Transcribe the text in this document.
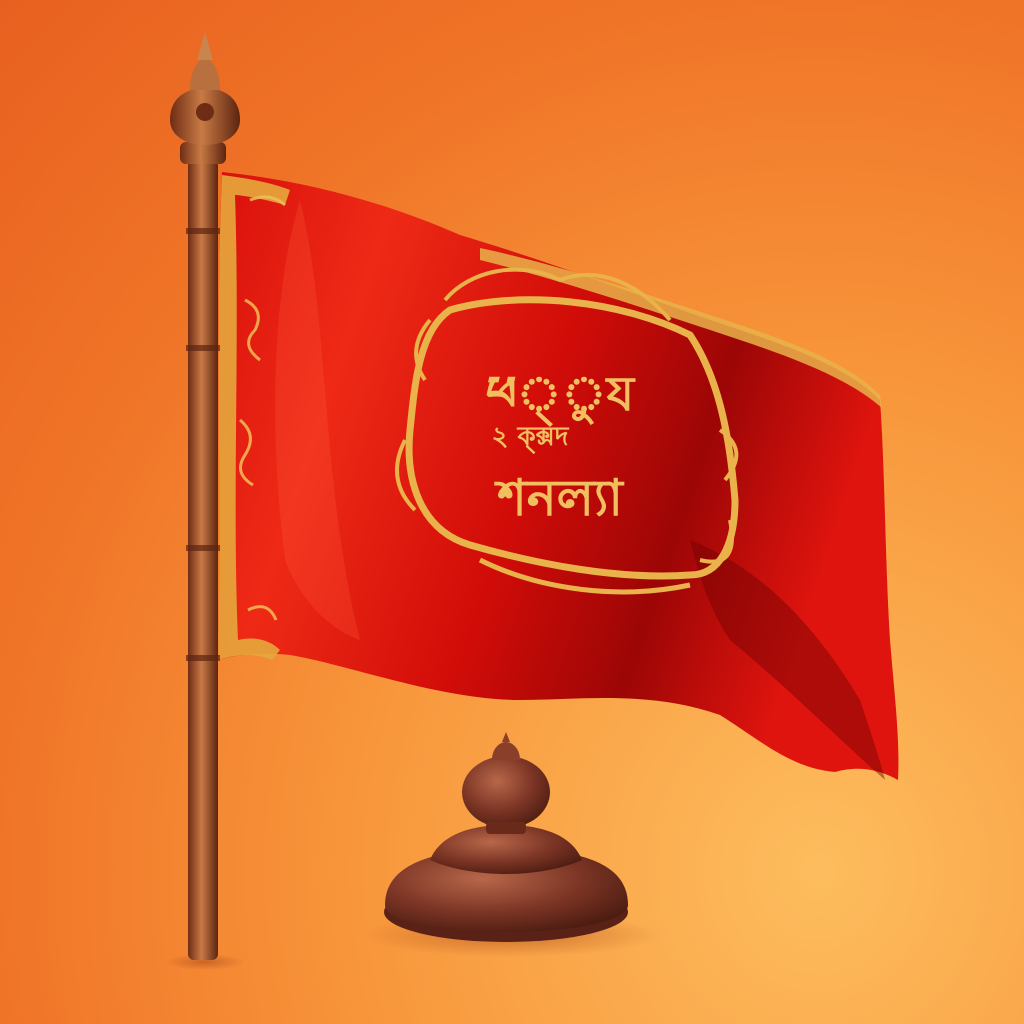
ཕ্ুয
২ ক্ক্সদ
শনল্যা
